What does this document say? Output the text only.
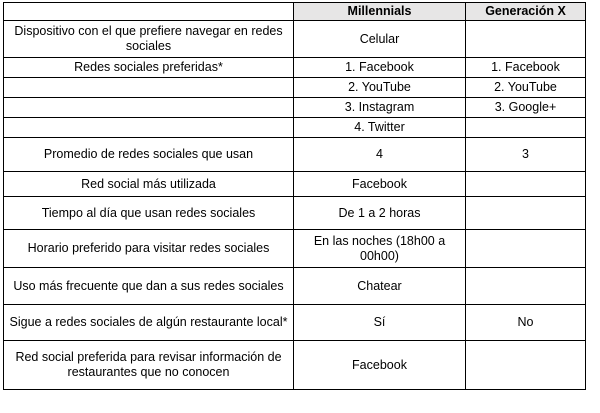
	Millennials	Generación X
Dispositivo con el que prefiere navegar en redes sociales	Celular	
Redes sociales preferidas*	1. Facebook	1. Facebook
	2. YouTube	2. YouTube
	3. Instagram	3. Google+
	4. Twitter	
Promedio de redes sociales que usan	4	3
Red social más utilizada	Facebook	
Tiempo al día que usan redes sociales	De 1 a 2 horas	
Horario preferido para visitar redes sociales	En las noches (18h00 a 00h00)	
Uso más frecuente que dan a sus redes sociales	Chatear	
Sigue a redes sociales de algún restaurante local*	Sí	No
Red social preferida para revisar información de restaurantes que no conocen	Facebook	
